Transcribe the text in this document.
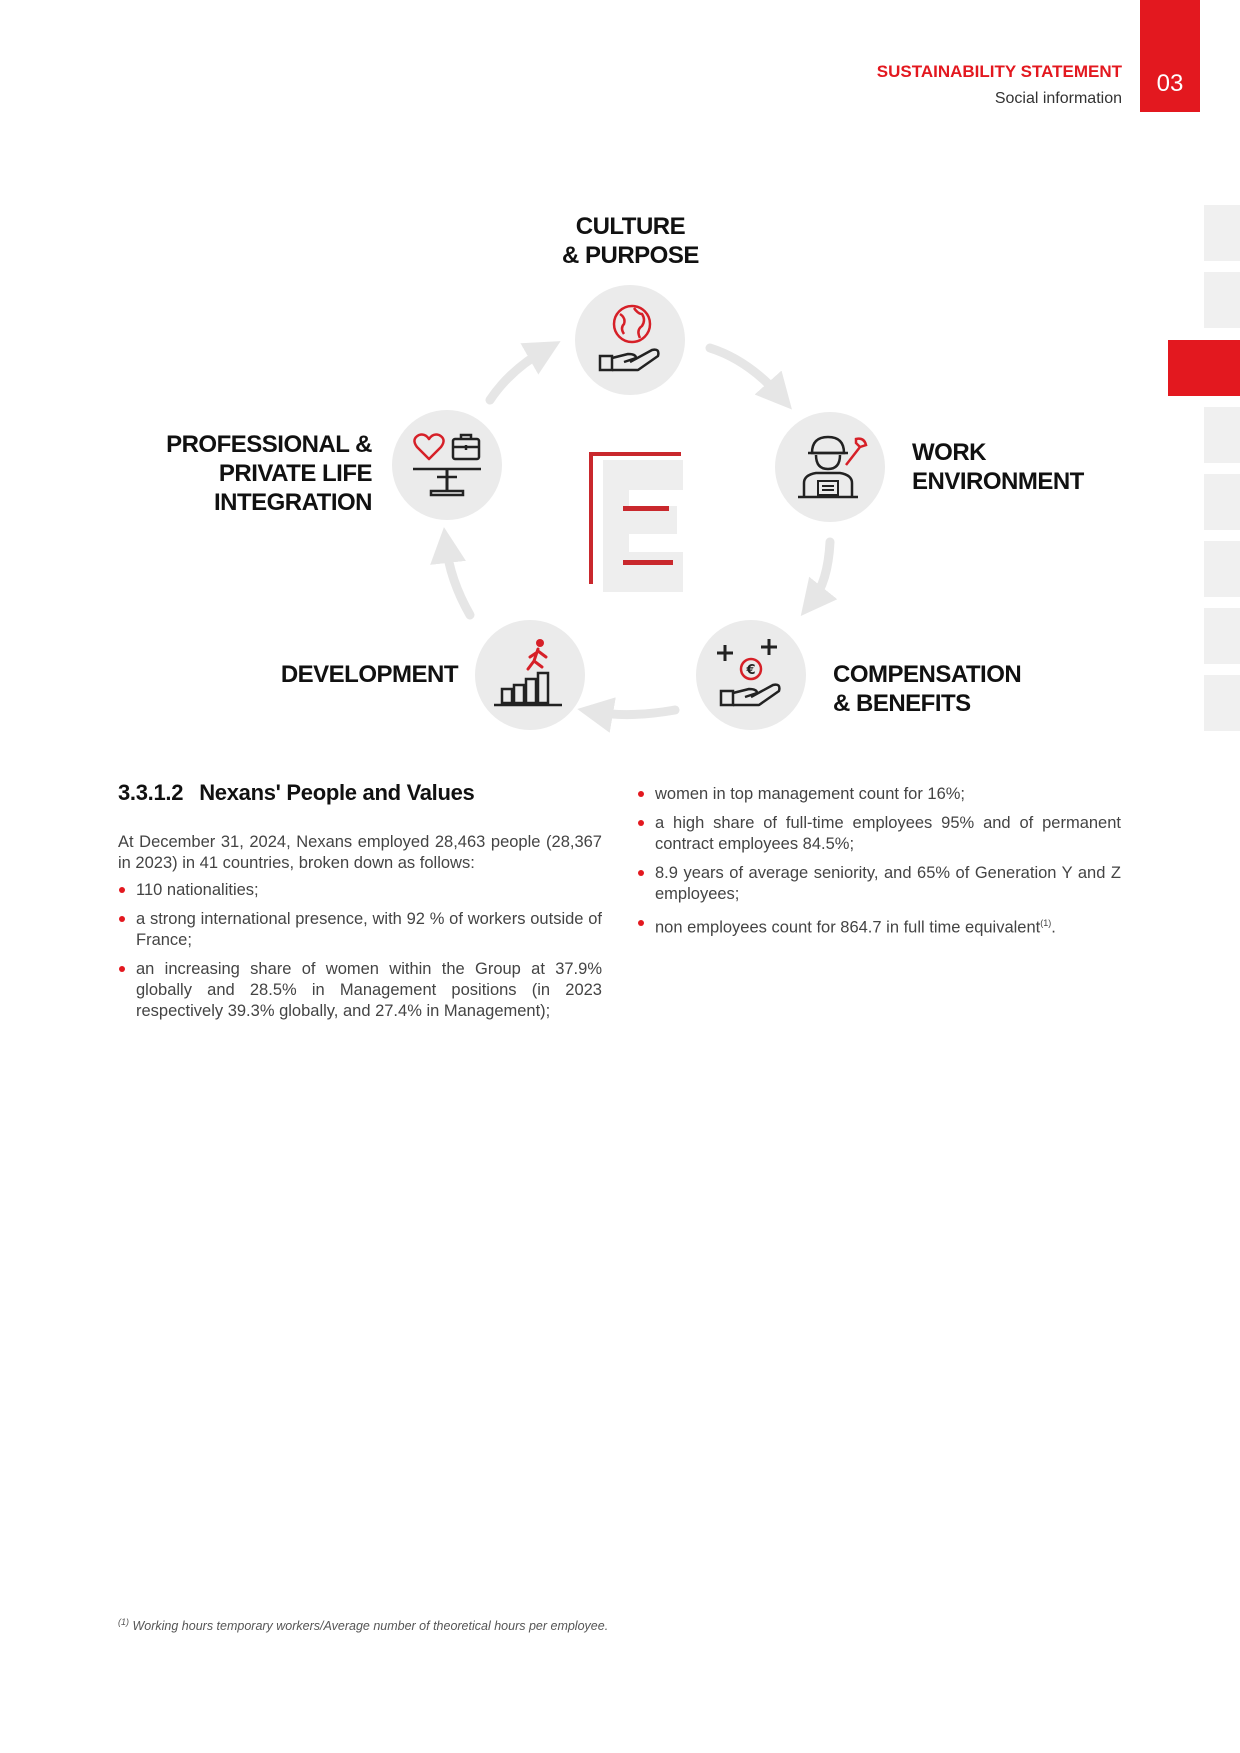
SUSTAINABILITY STATEMENT
Social information
03
E
CULTURE
& PURPOSE
WORK
ENVIRONMENT
€	COMPENSATION
& BENEFITS
DEVELOPMENT
PROFESSIONAL &
PRIVATE LIFE
INTEGRATION
3.3.1.2 Nexans' People and Values

At December 31, 2024, Nexans employed 28,463 people (28,367 in 2023) in 41 countries, broken down as follows:

110 nationalities;
a strong international presence, with 92 % of workers outside of France;
an increasing share of women within the Group at 37.9% globally and 28.5% in Management positions (in 2023 respectively 39.3% globally, and 27.4% in Management);
women in top management count for 16%;
a high share of full-time employees 95% and of permanent contract employees 84.5%;
8.9 years of average seniority, and 65% of Generation Y and Z employees;
non employees count for 864.7 in full time equivalent$^{(1)}$.
$^{(1)}$ Working hours temporary workers/Average number of theoretical hours per employee.
